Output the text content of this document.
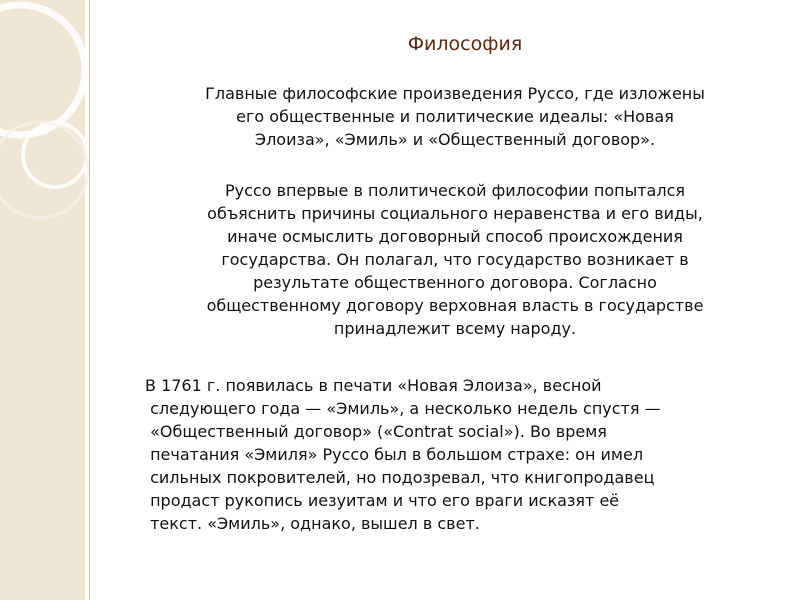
Философия

Главные философские произведения Руссо, где изложены
его общественные и политические идеалы: «Новая
Элоиза», «Эмиль» и «Общественный договор».

Руссо впервые в политической философии попытался
объяснить причины социального неравенства и его виды,
иначе осмыслить договорный способ происхождения
государства. Он полагал, что государство возникает в
результате общественного договора. Согласно
общественному договору верховная власть в государстве
принадлежит всему народу.

В 1761 г. появилась в печати «Новая Элоиза», весной
следующего года — «Эмиль», а несколько недель спустя —
«Общественный договор» («Contrat social»). Во время
печатания «Эмиля» Руссо был в большом страхе: он имел
сильных покровителей, но подозревал, что книгопродавец
продаст рукопись иезуитам и что его враги исказят её
текст. «Эмиль», однако, вышел в свет.
